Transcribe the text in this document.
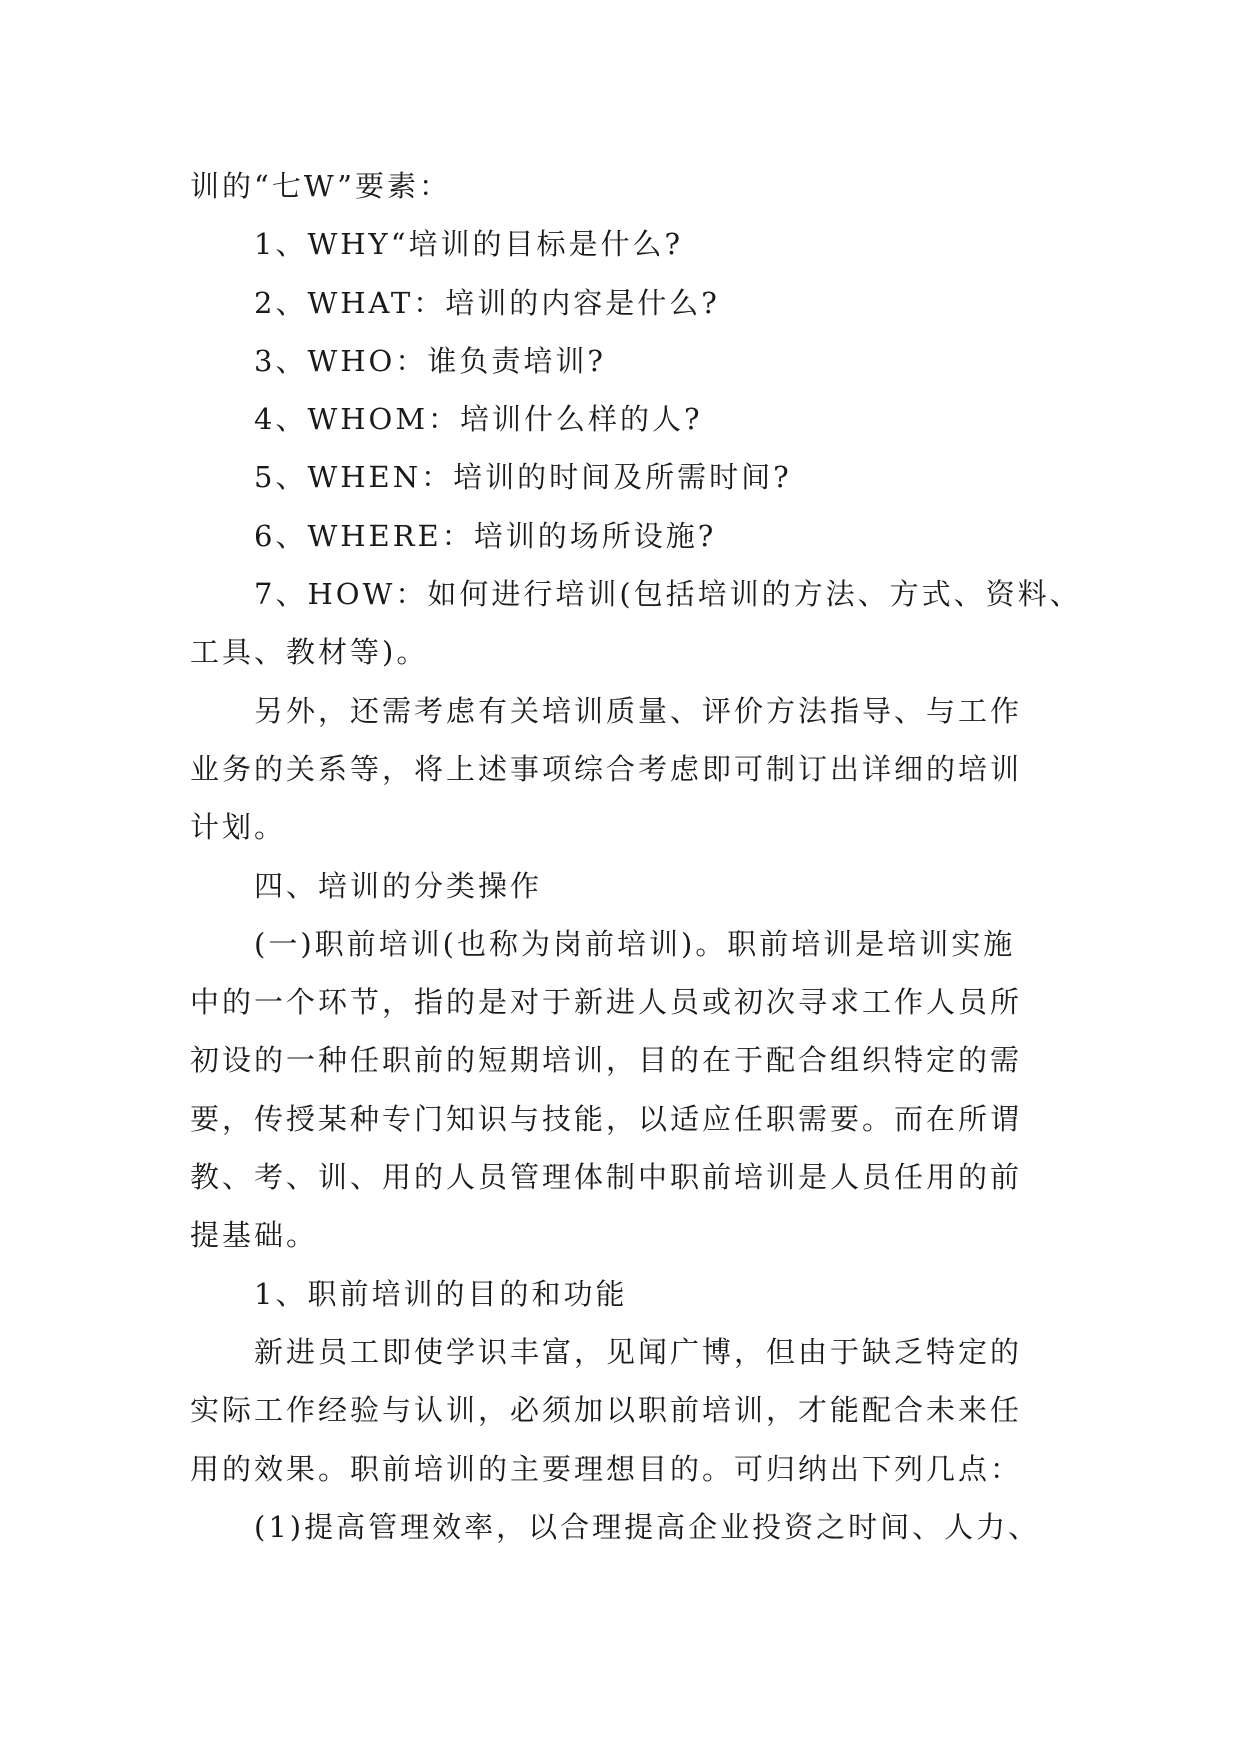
训的“七W”要素：
1、WHY“培训的目标是什么?
2、WHAT：培训的内容是什么?
3、WHO：谁负责培训?
4、WHOM：培训什么样的人?
5、WHEN：培训的时间及所需时间?
6、WHERE：培训的场所设施?
7、HOW：如何进行培训(包括培训的方法、方式、资料、
工具、教材等)。
另外，还需考虑有关培训质量、评价方法指导、与工作
业务的关系等，将上述事项综合考虑即可制订出详细的培训
计划。
四、培训的分类操作
(一)职前培训(也称为岗前培训)。职前培训是培训实施
中的一个环节，指的是对于新进人员或初次寻求工作人员所
初设的一种任职前的短期培训，目的在于配合组织特定的需
要，传授某种专门知识与技能，以适应任职需要。而在所谓
教、考、训、用的人员管理体制中职前培训是人员任用的前
提基础。
1、职前培训的目的和功能
新进员工即使学识丰富，见闻广博，但由于缺乏特定的
实际工作经验与认训，必须加以职前培训，才能配合未来任
用的效果。职前培训的主要理想目的。可归纳出下列几点：
(1)提高管理效率，以合理提高企业投资之时间、人力、
